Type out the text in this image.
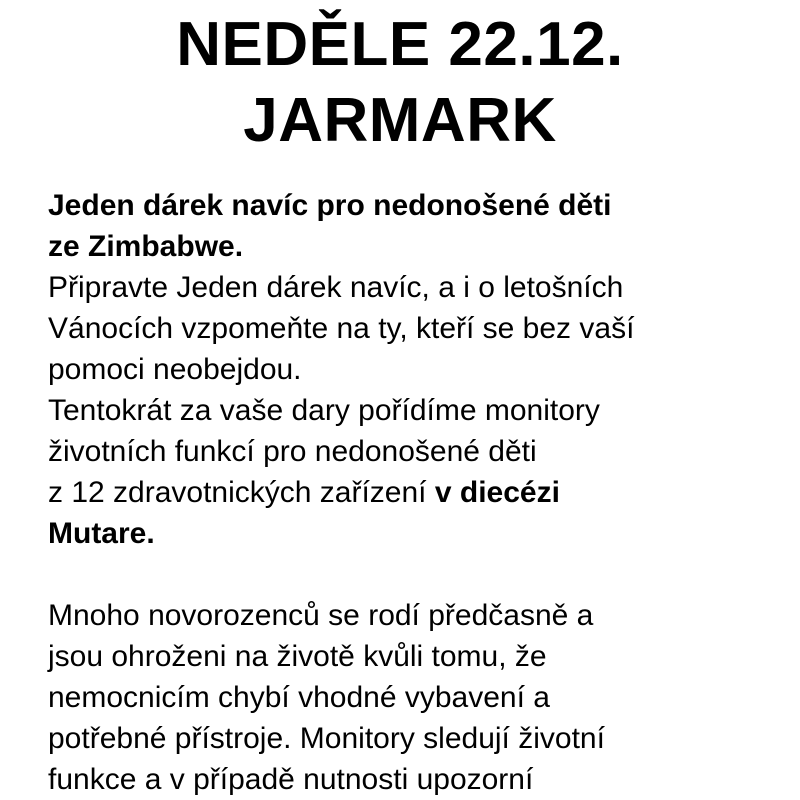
NEDĚLE 22.12.
JARMARK
Jeden dárek navíc pro nedonošené děti
ze Zimbabwe.
Připravte Jeden dárek navíc, a i o letošních
Vánocích vzpomeňte na ty, kteří se bez vaší
pomoci neobejdou.
Tentokrát za vaše dary pořídíme monitory
životních funkcí pro nedonošené děti
z 12 zdravotnických zařízení v diecézi
Mutare.
Mnoho novorozenců se rodí předčasně a
jsou ohroženi na životě kvůli tomu, že
nemocnicím chybí vhodné vybavení a
potřebné přístroje. Monitory sledují životní
funkce a v případě nutnosti upozorní
